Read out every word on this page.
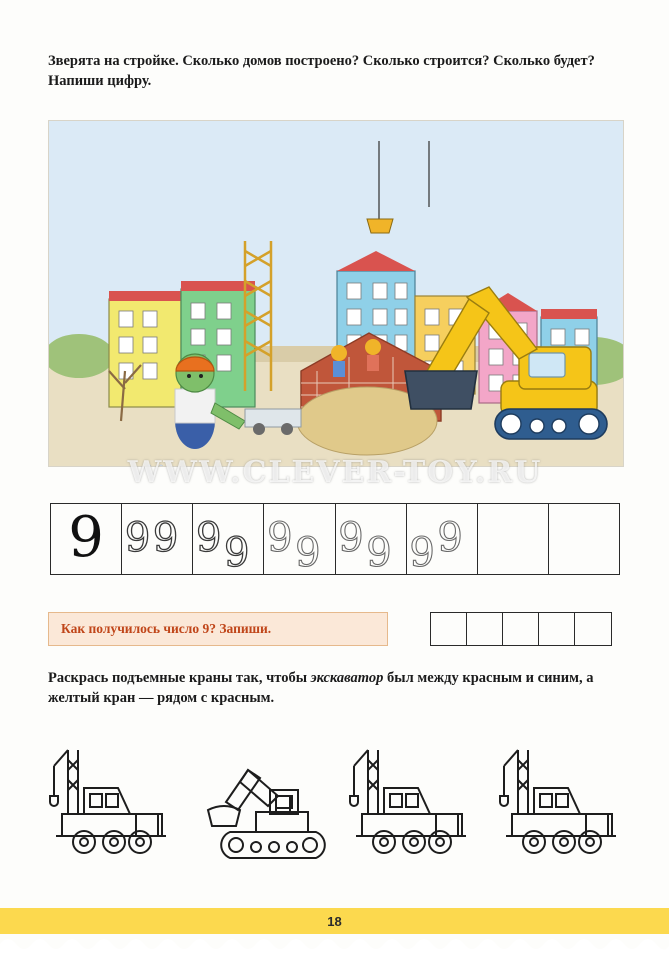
Зверята на стройке. Сколько домов построено? Сколько строится? Сколько будет? Напиши цифру.
WWW.CLEVER-TOY.RU
9 9 9 9 9 9 9 9 9 9
9
Как получилось число 9? Запиши.
Раскрась подъемные краны так, чтобы экскаватор был между красным и синим, а желтый кран — рядом с красным.
18
